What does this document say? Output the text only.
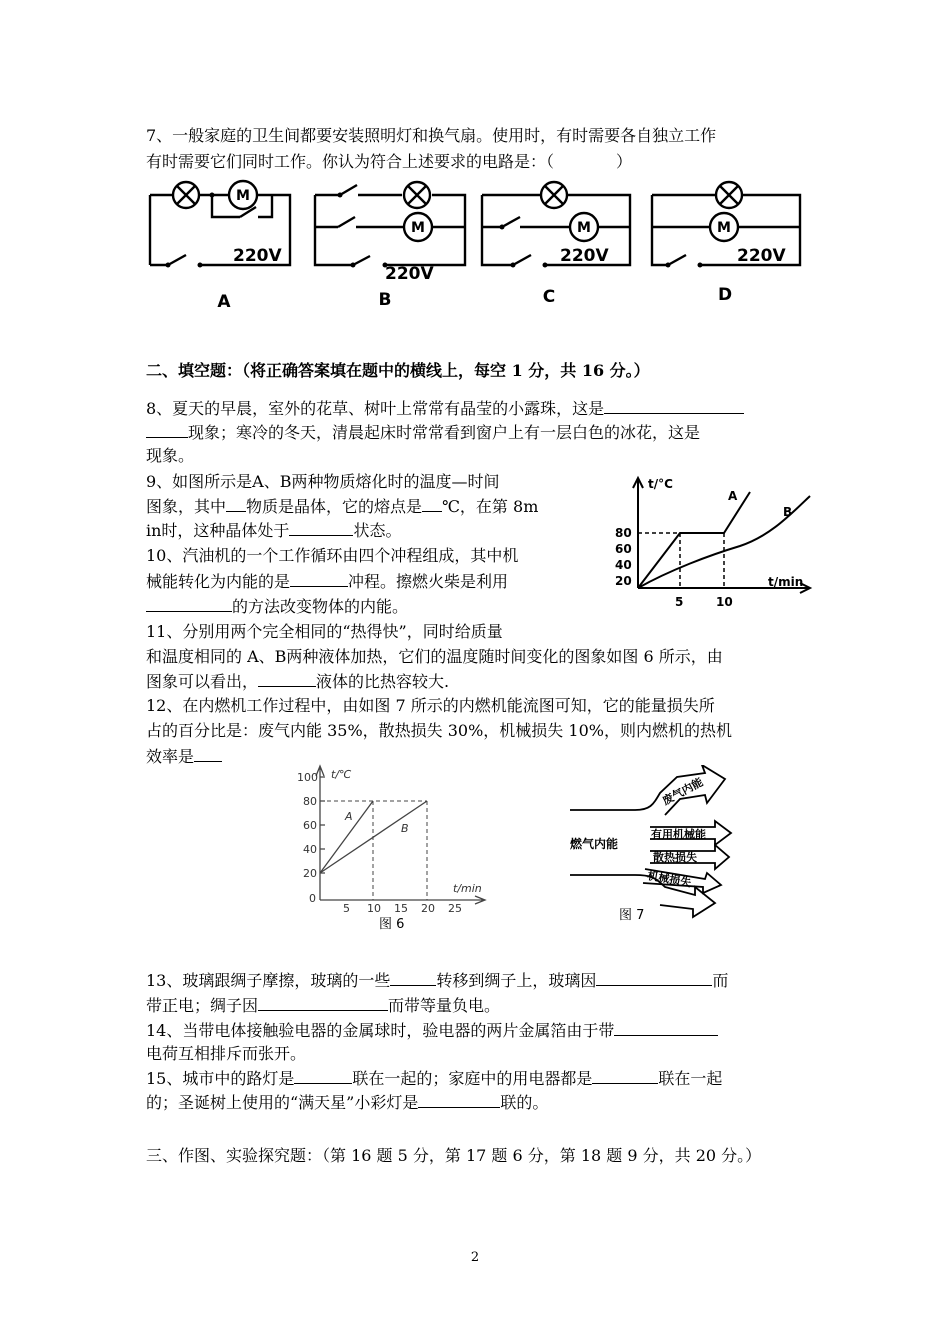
7、一般家庭的卫生间都要安装照明灯和换气扇。使用时，有时需要各自独立工作
有时需要它们同时工作。你认为符合上述要求的电路是：（	）
M
M	M	M
220V
220V
220V	220V
A	B	C	D
二、填空题：（将正确答案填在题中的横线上，每空 1 分，共 16 分。）
8、夏天的早晨，室外的花草、树叶上常常有晶莹的小露珠，这是
现象；寒冷的冬天，清晨起床时常常看到窗户上有一层白色的冰花，这是
现象。
9、如图所示是A、B两种物质熔化时的温度—时间
图象，其中 物质是晶体，它的熔点是 ℃，在第 8m
in时，这种晶体处于	状态。
10、汽油机的一个工作循环由四个冲程组成，其中机
械能转化为内能的是	冲程。擦燃火柴是利用
的方法改变物体的内能。
t/°C
t/min
80
60
40
20
5	10
A
B
11、分别用两个完全相同的“热得快”，同时给质量
和温度相同的 A、B两种液体加热，它们的温度随时间变化的图象如图 6 所示，由
图象可以看出，	液体的比热容较大.
12、在内燃机工作过程中，由如图 7 所示的内燃机能流图可知，它的能量损失所
占的百分比是：废气内能 35%，散热损失 30%，机械损失 10%，则内燃机的热机
效率是
t/℃
t/min
100
80
60
40
20
0
5 10 15 20 25
A
B
图 6
燃气内能
废气内能
有用机械能
散热损失
机械损失
图 7
13、玻璃跟绸子摩擦，玻璃的一些	转移到绸子上，玻璃因	而
带正电；绸子因	而带等量负电。
14、当带电体接触验电器的金属球时，验电器的两片金属箔由于带
电荷互相排斥而张开。
15、城市中的路灯是	联在一起的；家庭中的用电器都是	联在一起
的；圣诞树上使用的“满天星”小彩灯是	联的。
三、作图、实验探究题：（第 16 题 5 分，第 17 题 6 分，第 18 题 9 分，共 20 分。）
2
